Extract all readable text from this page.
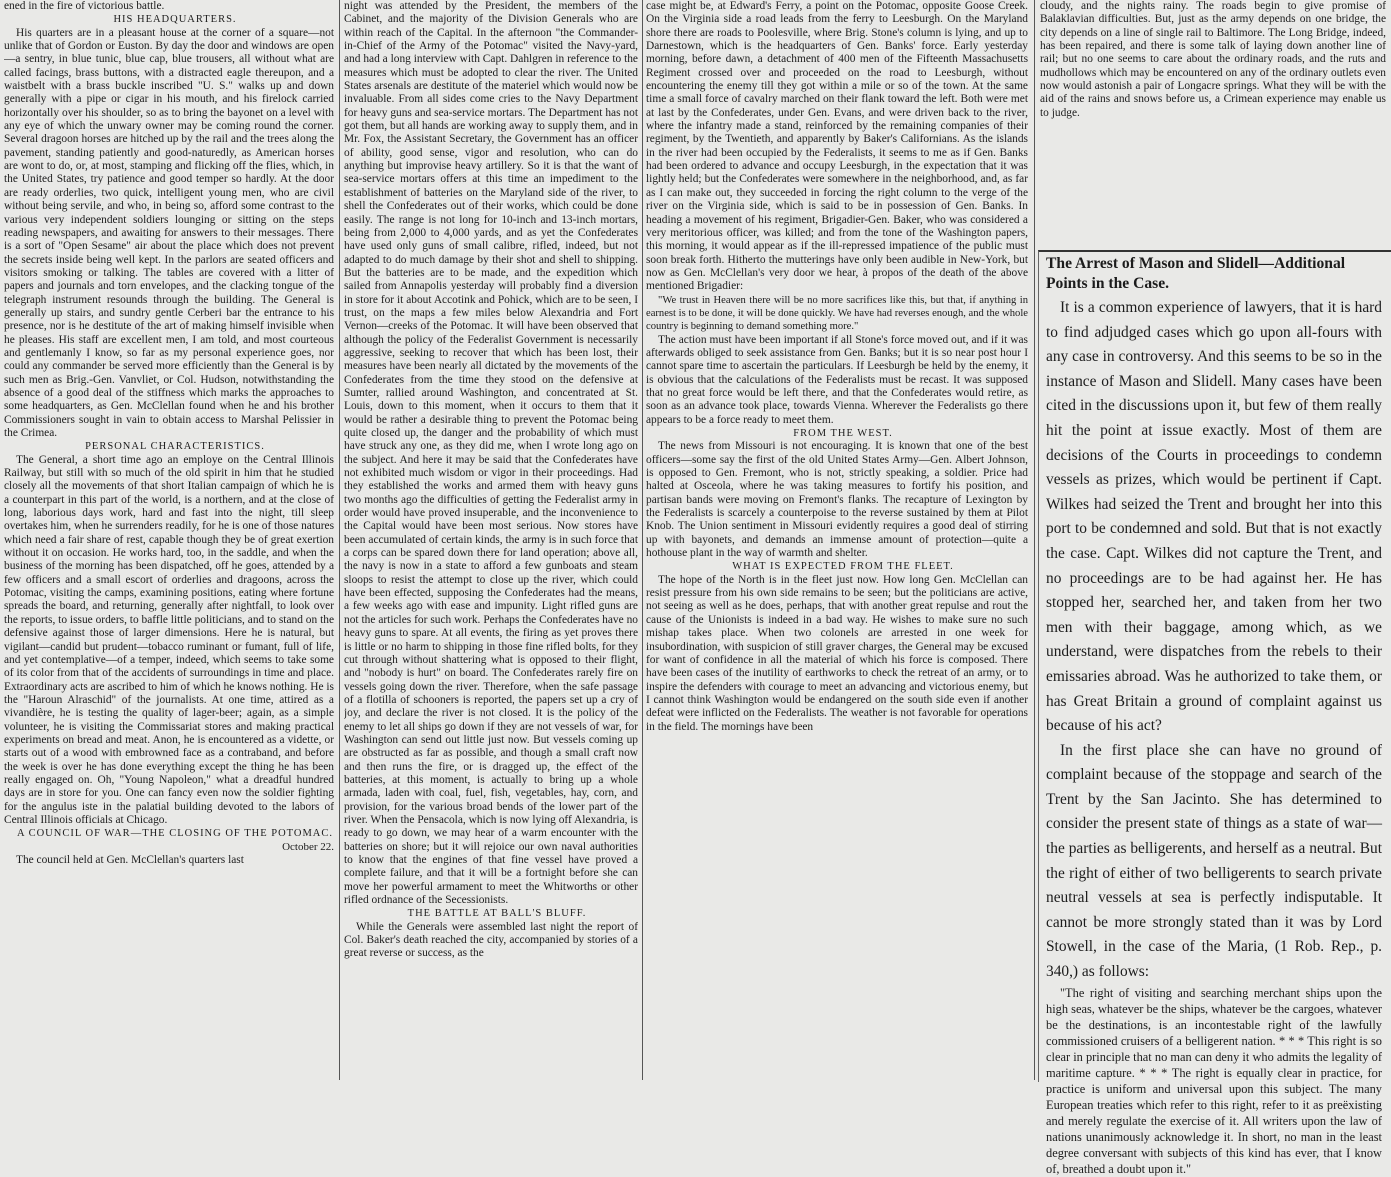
ened in the fire of victorious battle.

HIS HEADQUARTERS.

His quarters are in a pleasant house at the corner of a square—not unlike that of Gordon or Euston. By day the door and windows are open—a sentry, in blue tunic, blue cap, blue trousers, all without what are called facings, brass buttons, with a distracted eagle thereupon, and a waistbelt with a brass buckle inscribed "U. S." walks up and down generally with a pipe or cigar in his mouth, and his firelock carried horizontally over his shoulder, so as to bring the bayonet on a level with any eye of which the unwary owner may be coming round the corner. Several dragoon horses are hitched up by the rail and the trees along the pavement, standing patiently and good-naturedly, as American horses are wont to do, or, at most, stamping and flicking off the flies, which, in the United States, try patience and good temper so hardly. At the door are ready orderlies, two quick, intelligent young men, who are civil without being servile, and who, in being so, afford some contrast to the various very independent soldiers lounging or sitting on the steps reading newspapers, and awaiting for answers to their messages. There is a sort of "Open Sesame" air about the place which does not prevent the secrets inside being well kept. In the parlors are seated officers and visitors smoking or talking. The tables are covered with a litter of papers and journals and torn envelopes, and the clacking tongue of the telegraph instrument resounds through the building. The General is generally up stairs, and sundry gentle Cerberi bar the entrance to his presence, nor is he destitute of the art of making himself invisible when he pleases. His staff are excellent men, I am told, and most courteous and gentlemanly I know, so far as my personal experience goes, nor could any commander be served more efficiently than the General is by such men as Brig.-Gen. Vanvliet, or Col. Hudson, notwithstanding the absence of a good deal of the stiffness which marks the approaches to some headquarters, as Gen. McClellan found when he and his brother Commissioners sought in vain to obtain access to Marshal Pelissier in the Crimea.

PERSONAL CHARACTERISTICS.

The General, a short time ago an employe on the Central Illinois Railway, but still with so much of the old spirit in him that he studied closely all the movements of that short Italian campaign of which he is a counterpart in this part of the world, is a northern, and at the close of long, laborious days work, hard and fast into the night, till sleep overtakes him, when he surrenders readily, for he is one of those natures which need a fair share of rest, capable though they be of great exertion without it on occasion. He works hard, too, in the saddle, and when the business of the morning has been dispatched, off he goes, attended by a few officers and a small escort of orderlies and dragoons, across the Potomac, visiting the camps, examining positions, eating where fortune spreads the board, and returning, generally after nightfall, to look over the reports, to issue orders, to baffle little politicians, and to stand on the defensive against those of larger dimensions. Here he is natural, but vigilant—candid but prudent—tobacco ruminant or fumant, full of life, and yet contemplative—of a temper, indeed, which seems to take some of its color from that of the accidents of surroundings in time and place. Extraordinary acts are ascribed to him of which he knows nothing. He is the "Haroun Alraschid" of the journalists. At one time, attired as a vivandière, he is testing the quality of lager-beer; again, as a simple volunteer, he is visiting the Commissariat stores and making practical experiments on bread and meat. Anon, he is encountered as a vidette, or starts out of a wood with embrowned face as a contraband, and before the week is over he has done everything except the thing he has been really engaged on. Oh, "Young Napoleon," what a dreadful hundred days are in store for you. One can fancy even now the soldier fighting for the angulus iste in the palatial building devoted to the labors of Central Illinois officials at Chicago.

A COUNCIL OF WAR—THE CLOSING OF THE POTOMAC.

October 22.

The council held at Gen. McClellan's quarters last

night was attended by the President, the members of the Cabinet, and the majority of the Division Generals who are within reach of the Capital. In the afternoon "the Commander-in-Chief of the Army of the Potomac" visited the Navy-yard, and had a long interview with Capt. Dahlgren in reference to the measures which must be adopted to clear the river. The United States arsenals are destitute of the materiel which would now be invaluable. From all sides come cries to the Navy Department for heavy guns and sea-service mortars. The Department has not got them, but all hands are working away to supply them, and in Mr. Fox, the Assistant Secretary, the Government has an officer of ability, good sense, vigor and resolution, who can do anything but improvise heavy artillery. So it is that the want of sea-service mortars offers at this time an impediment to the establishment of batteries on the Maryland side of the river, to shell the Confederates out of their works, which could be done easily. The range is not long for 10-inch and 13-inch mortars, being from 2,000 to 4,000 yards, and as yet the Confederates have used only guns of small calibre, rifled, indeed, but not adapted to do much damage by their shot and shell to shipping. But the batteries are to be made, and the expedition which sailed from Annapolis yesterday will probably find a diversion in store for it about Accotink and Pohick, which are to be seen, I trust, on the maps a few miles below Alexandria and Fort Vernon—creeks of the Potomac. It will have been observed that although the policy of the Federalist Government is necessarily aggressive, seeking to recover that which has been lost, their measures have been nearly all dictated by the movements of the Confederates from the time they stood on the defensive at Sumter, rallied around Washington, and concentrated at St. Louis, down to this moment, when it occurs to them that it would be rather a desirable thing to prevent the Potomac being quite closed up, the danger and the probability of which must have struck any one, as they did me, when I wrote long ago on the subject. And here it may be said that the Confederates have not exhibited much wisdom or vigor in their proceedings. Had they established the works and armed them with heavy guns two months ago the difficulties of getting the Federalist army in order would have proved insuperable, and the inconvenience to the Capital would have been most serious. Now stores have been accumulated of certain kinds, the army is in such force that a corps can be spared down there for land operation; above all, the navy is now in a state to afford a few gunboats and steam sloops to resist the attempt to close up the river, which could have been effected, supposing the Confederates had the means, a few weeks ago with ease and impunity. Light rifled guns are not the articles for such work. Perhaps the Confederates have no heavy guns to spare. At all events, the firing as yet proves there is little or no harm to shipping in those fine rifled bolts, for they cut through without shattering what is opposed to their flight, and "nobody is hurt" on board. The Confederates rarely fire on vessels going down the river. Therefore, when the safe passage of a flotilla of schooners is reported, the papers set up a cry of joy, and declare the river is not closed. It is the policy of the enemy to let all ships go down if they are not vessels of war, for Washington can send out little just now. But vessels coming up are obstructed as far as possible, and though a small craft now and then runs the fire, or is dragged up, the effect of the batteries, at this moment, is actually to bring up a whole armada, laden with coal, fuel, fish, vegetables, hay, corn, and provision, for the various broad bends of the lower part of the river. When the Pensacola, which is now lying off Alexandria, is ready to go down, we may hear of a warm encounter with the batteries on shore; but it will rejoice our own naval authorities to know that the engines of that fine vessel have proved a complete failure, and that it will be a fortnight before she can move her powerful armament to meet the Whitworths or other rifled ordnance of the Secessionists.

THE BATTLE AT BALL'S BLUFF.

While the Generals were assembled last night the report of Col. Baker's death reached the city, accompanied by stories of a great reverse or success, as the

case might be, at Edward's Ferry, a point on the Potomac, opposite Goose Creek. On the Virginia side a road leads from the ferry to Leesburgh. On the Maryland shore there are roads to Poolesville, where Brig. Stone's column is lying, and up to Darnestown, which is the headquarters of Gen. Banks' force. Early yesterday morning, before dawn, a detachment of 400 men of the Fifteenth Massachusetts Regiment crossed over and proceeded on the road to Leesburgh, without encountering the enemy till they got within a mile or so of the town. At the same time a small force of cavalry marched on their flank toward the left. Both were met at last by the Confederates, under Gen. Evans, and were driven back to the river, where the infantry made a stand, reinforced by the remaining companies of their regiment, by the Twentieth, and apparently by Baker's Californians. As the islands in the river had been occupied by the Federalists, it seems to me as if Gen. Banks had been ordered to advance and occupy Leesburgh, in the expectation that it was lightly held; but the Confederates were somewhere in the neighborhood, and, as far as I can make out, they succeeded in forcing the right column to the verge of the river on the Virginia side, which is said to be in possession of Gen. Banks. In heading a movement of his regiment, Brigadier-Gen. Baker, who was considered a very meritorious officer, was killed; and from the tone of the Washington papers, this morning, it would appear as if the ill-repressed impatience of the public must soon break forth. Hitherto the mutterings have only been audible in New-York, but now as Gen. McClellan's very door we hear, à propos of the death of the above mentioned Brigadier:

"We trust in Heaven there will be no more sacrifices like this, but that, if anything in earnest is to be done, it will be done quickly. We have had reverses enough, and the whole country is beginning to demand something more."

The action must have been important if all Stone's force moved out, and if it was afterwards obliged to seek assistance from Gen. Banks; but it is so near post hour I cannot spare time to ascertain the particulars. If Leesburgh be held by the enemy, it is obvious that the calculations of the Federalists must be recast. It was supposed that no great force would be left there, and that the Confederates would retire, as soon as an advance took place, towards Vienna. Wherever the Federalists go there appears to be a force ready to meet them.

FROM THE WEST.

The news from Missouri is not encouraging. It is known that one of the best officers—some say the first of the old United States Army—Gen. Albert Johnson, is opposed to Gen. Fremont, who is not, strictly speaking, a soldier. Price had halted at Osceola, where he was taking measures to fortify his position, and partisan bands were moving on Fremont's flanks. The recapture of Lexington by the Federalists is scarcely a counterpoise to the reverse sustained by them at Pilot Knob. The Union sentiment in Missouri evidently requires a good deal of stirring up with bayonets, and demands an immense amount of protection—quite a hothouse plant in the way of warmth and shelter.

WHAT IS EXPECTED FROM THE FLEET.

The hope of the North is in the fleet just now. How long Gen. McClellan can resist pressure from his own side remains to be seen; but the politicians are active, not seeing as well as he does, perhaps, that with another great repulse and rout the cause of the Unionists is indeed in a bad way. He wishes to make sure no such mishap takes place. When two colonels are arrested in one week for insubordination, with suspicion of still graver charges, the General may be excused for want of confidence in all the material of which his force is composed. There have been cases of the inutility of earthworks to check the retreat of an army, or to inspire the defenders with courage to meet an advancing and victorious enemy, but I cannot think Washington would be endangered on the south side even if another defeat were inflicted on the Federalists. The weather is not favorable for operations in the field. The mornings have been

cloudy, and the nights rainy. The roads begin to give promise of Balaklavian difficulties. But, just as the army depends on one bridge, the city depends on a line of single rail to Baltimore. The Long Bridge, indeed, has been repaired, and there is some talk of laying down another line of rail; but no one seems to care about the ordinary roads, and the ruts and mudhollows which may be encountered on any of the ordinary outlets even now would astonish a pair of Longacre springs. What they will be with the aid of the rains and snows before us, a Crimean experience may enable us to judge.

The Arrest of Mason and Slidell—Additional Points in the Case.

It is a common experience of lawyers, that it is hard to find adjudged cases which go upon all-fours with any case in controversy. And this seems to be so in the instance of Mason and Slidell. Many cases have been cited in the discussions upon it, but few of them really hit the point at issue exactly. Most of them are decisions of the Courts in proceedings to condemn vessels as prizes, which would be pertinent if Capt. Wilkes had seized the Trent and brought her into this port to be condemned and sold. But that is not exactly the case. Capt. Wilkes did not capture the Trent, and no proceedings are to be had against her. He has stopped her, searched her, and taken from her two men with their baggage, among which, as we understand, were dispatches from the rebels to their emissaries abroad. Was he authorized to take them, or has Great Britain a ground of complaint against us because of his act?

In the first place she can have no ground of complaint because of the stoppage and search of the Trent by the San Jacinto. She has determined to consider the present state of things as a state of war—the parties as belligerents, and herself as a neutral. But the right of either of two belligerents to search private neutral vessels at sea is perfectly indisputable. It cannot be more strongly stated than it was by Lord Stowell, in the case of the Maria, (1 Rob. Rep., p. 340,) as follows:

"The right of visiting and searching merchant ships upon the high seas, whatever be the ships, whatever be the cargoes, whatever be the destinations, is an incontestable right of the lawfully commissioned cruisers of a belligerent nation. * * * This right is so clear in principle that no man can deny it who admits the legality of maritime capture. * * * The right is equally clear in practice, for practice is uniform and universal upon this subject. The many European treaties which refer to this right, refer to it as preëxisting and merely regulate the exercise of it. All writers upon the law of nations unanimously acknowledge it. In short, no man in the least degree conversant with subjects of this kind has ever, that I know of, breathed a doubt upon it."
